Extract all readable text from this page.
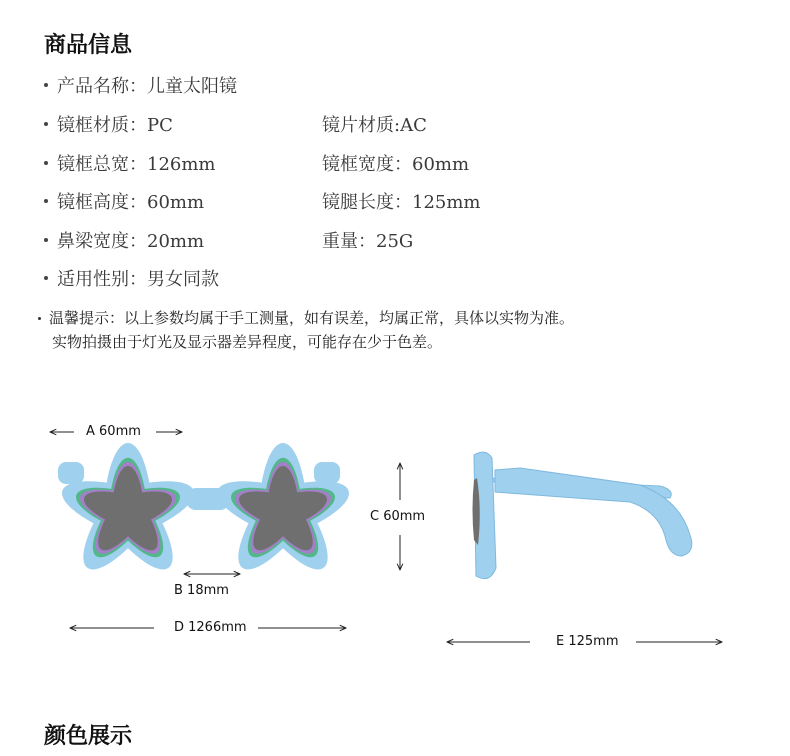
商品信息
产品名称：儿童太阳镜
镜框材质：PC	镜片材质:AC
镜框总宽：126mm	镜框宽度：60mm
镜框高度：60mm	镜腿长度：125mm
鼻梁宽度：20mm	重量：25G
适用性别：男女同款
温馨提示：以上参数均属于手工测量，如有误差，均属正常，具体以实物为准。
实物拍摄由于灯光及显示器差异程度，可能存在少于色差。
A 60mm
C 60mm
B 18mm
D 1266mm
E 125mm
颜色展示
